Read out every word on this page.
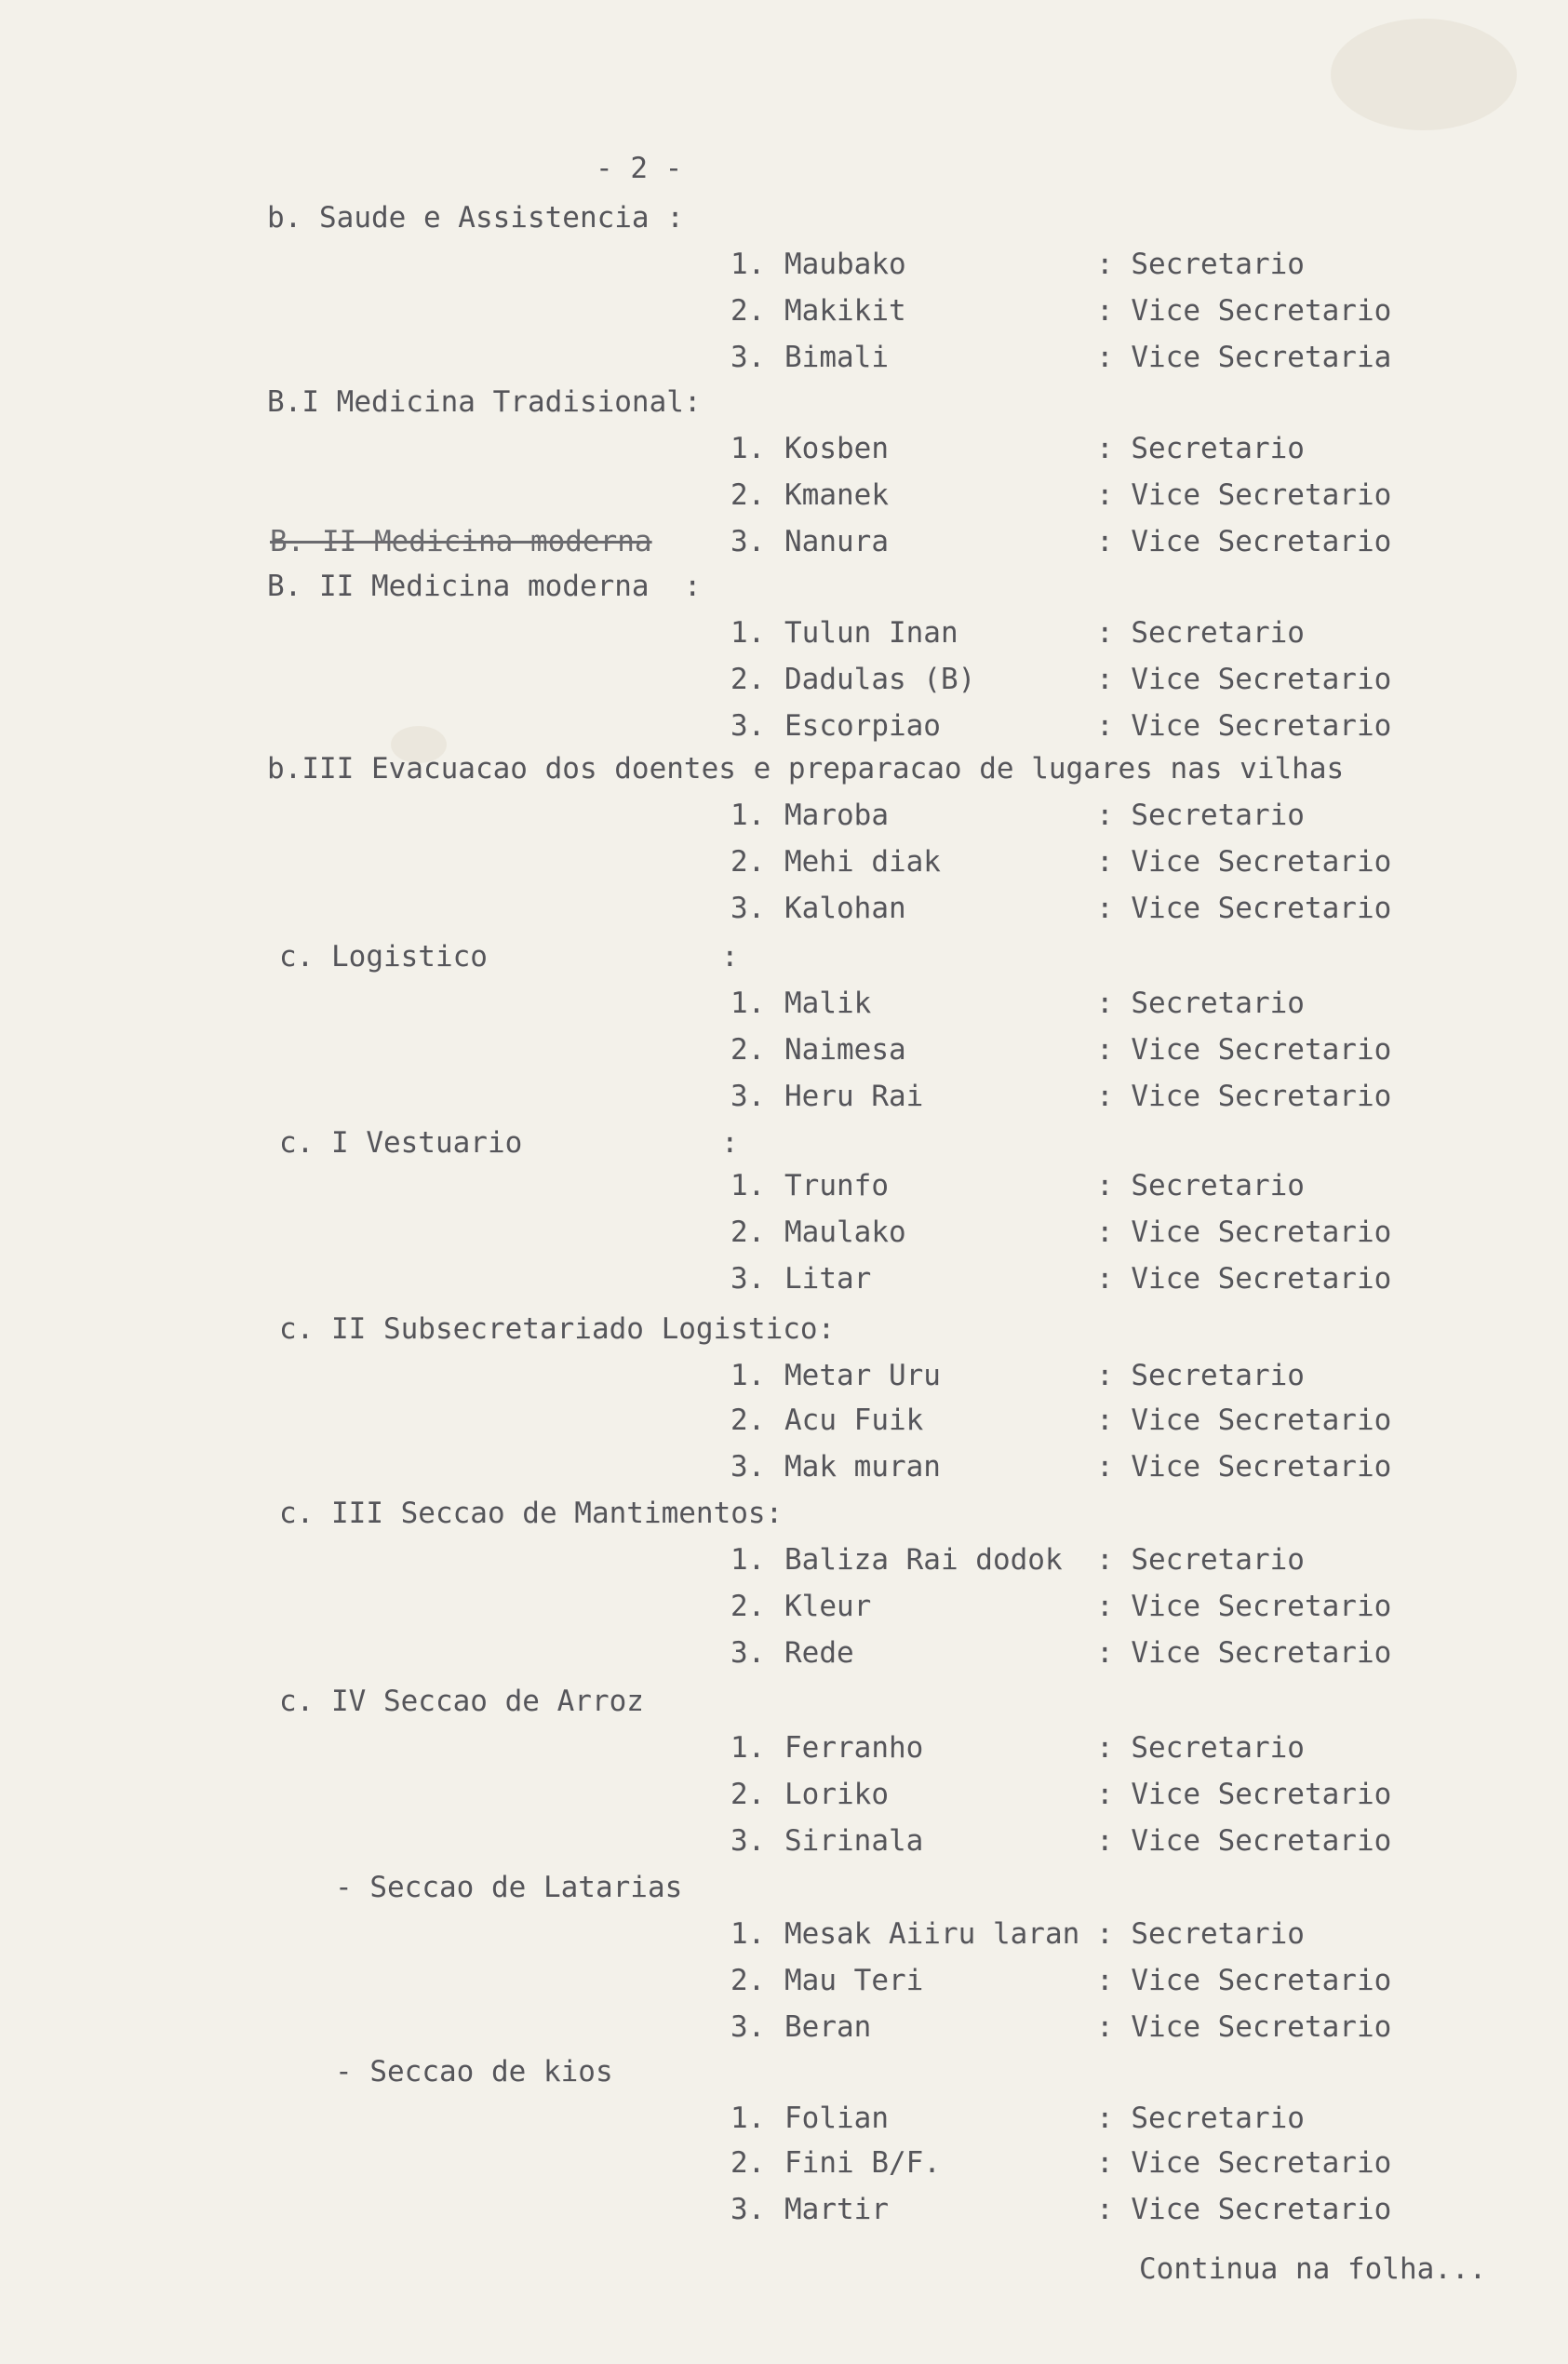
- 2 -
B. II Medicina moderna
b. Saude e Assistencia :
1. Maubako	: Secretario
2. Makikit	: Vice Secretario
3. Bimali	: Vice Secretaria
B.I Medicina Tradisional:
1. Kosben	: Secretario
2. Kmanek	: Vice Secretario
3. Nanura	: Vice Secretario
B. II Medicina moderna  :
1. Tulun Inan	: Secretario
2. Dadulas (B)	: Vice Secretario
3. Escorpiao	: Vice Secretario
b.III Evacuacao dos doentes e preparacao de lugares nas vilhas
1. Maroba	: Secretario
2. Mehi diak	: Vice Secretario
3. Kalohan	: Vice Secretario
c. Logistico	:
1. Malik	: Secretario
2. Naimesa	: Vice Secretario
3. Heru Rai	: Vice Secretario
c. I Vestuario	:
1. Trunfo	: Secretario
2. Maulako	: Vice Secretario
3. Litar	: Vice Secretario
c. II Subsecretariado Logistico:
1. Metar Uru	: Secretario
2. Acu Fuik	: Vice Secretario
3. Mak muran	: Vice Secretario
c. III Seccao de Mantimentos:
1. Baliza Rai dodok : Secretario
2. Kleur	: Vice Secretario
3. Rede	: Vice Secretario
c. IV Seccao de Arroz
1. Ferranho	: Secretario
2. Loriko	: Vice Secretario
3. Sirinala	: Vice Secretario
- Seccao de Latarias
1. Mesak Aiiru laran : Secretario
2. Mau Teri	: Vice Secretario
3. Beran	: Vice Secretario
- Seccao de kios
1. Folian	: Secretario
2. Fini B/F.	: Vice Secretario
3. Martir	: Vice Secretario
Continua na folha...
